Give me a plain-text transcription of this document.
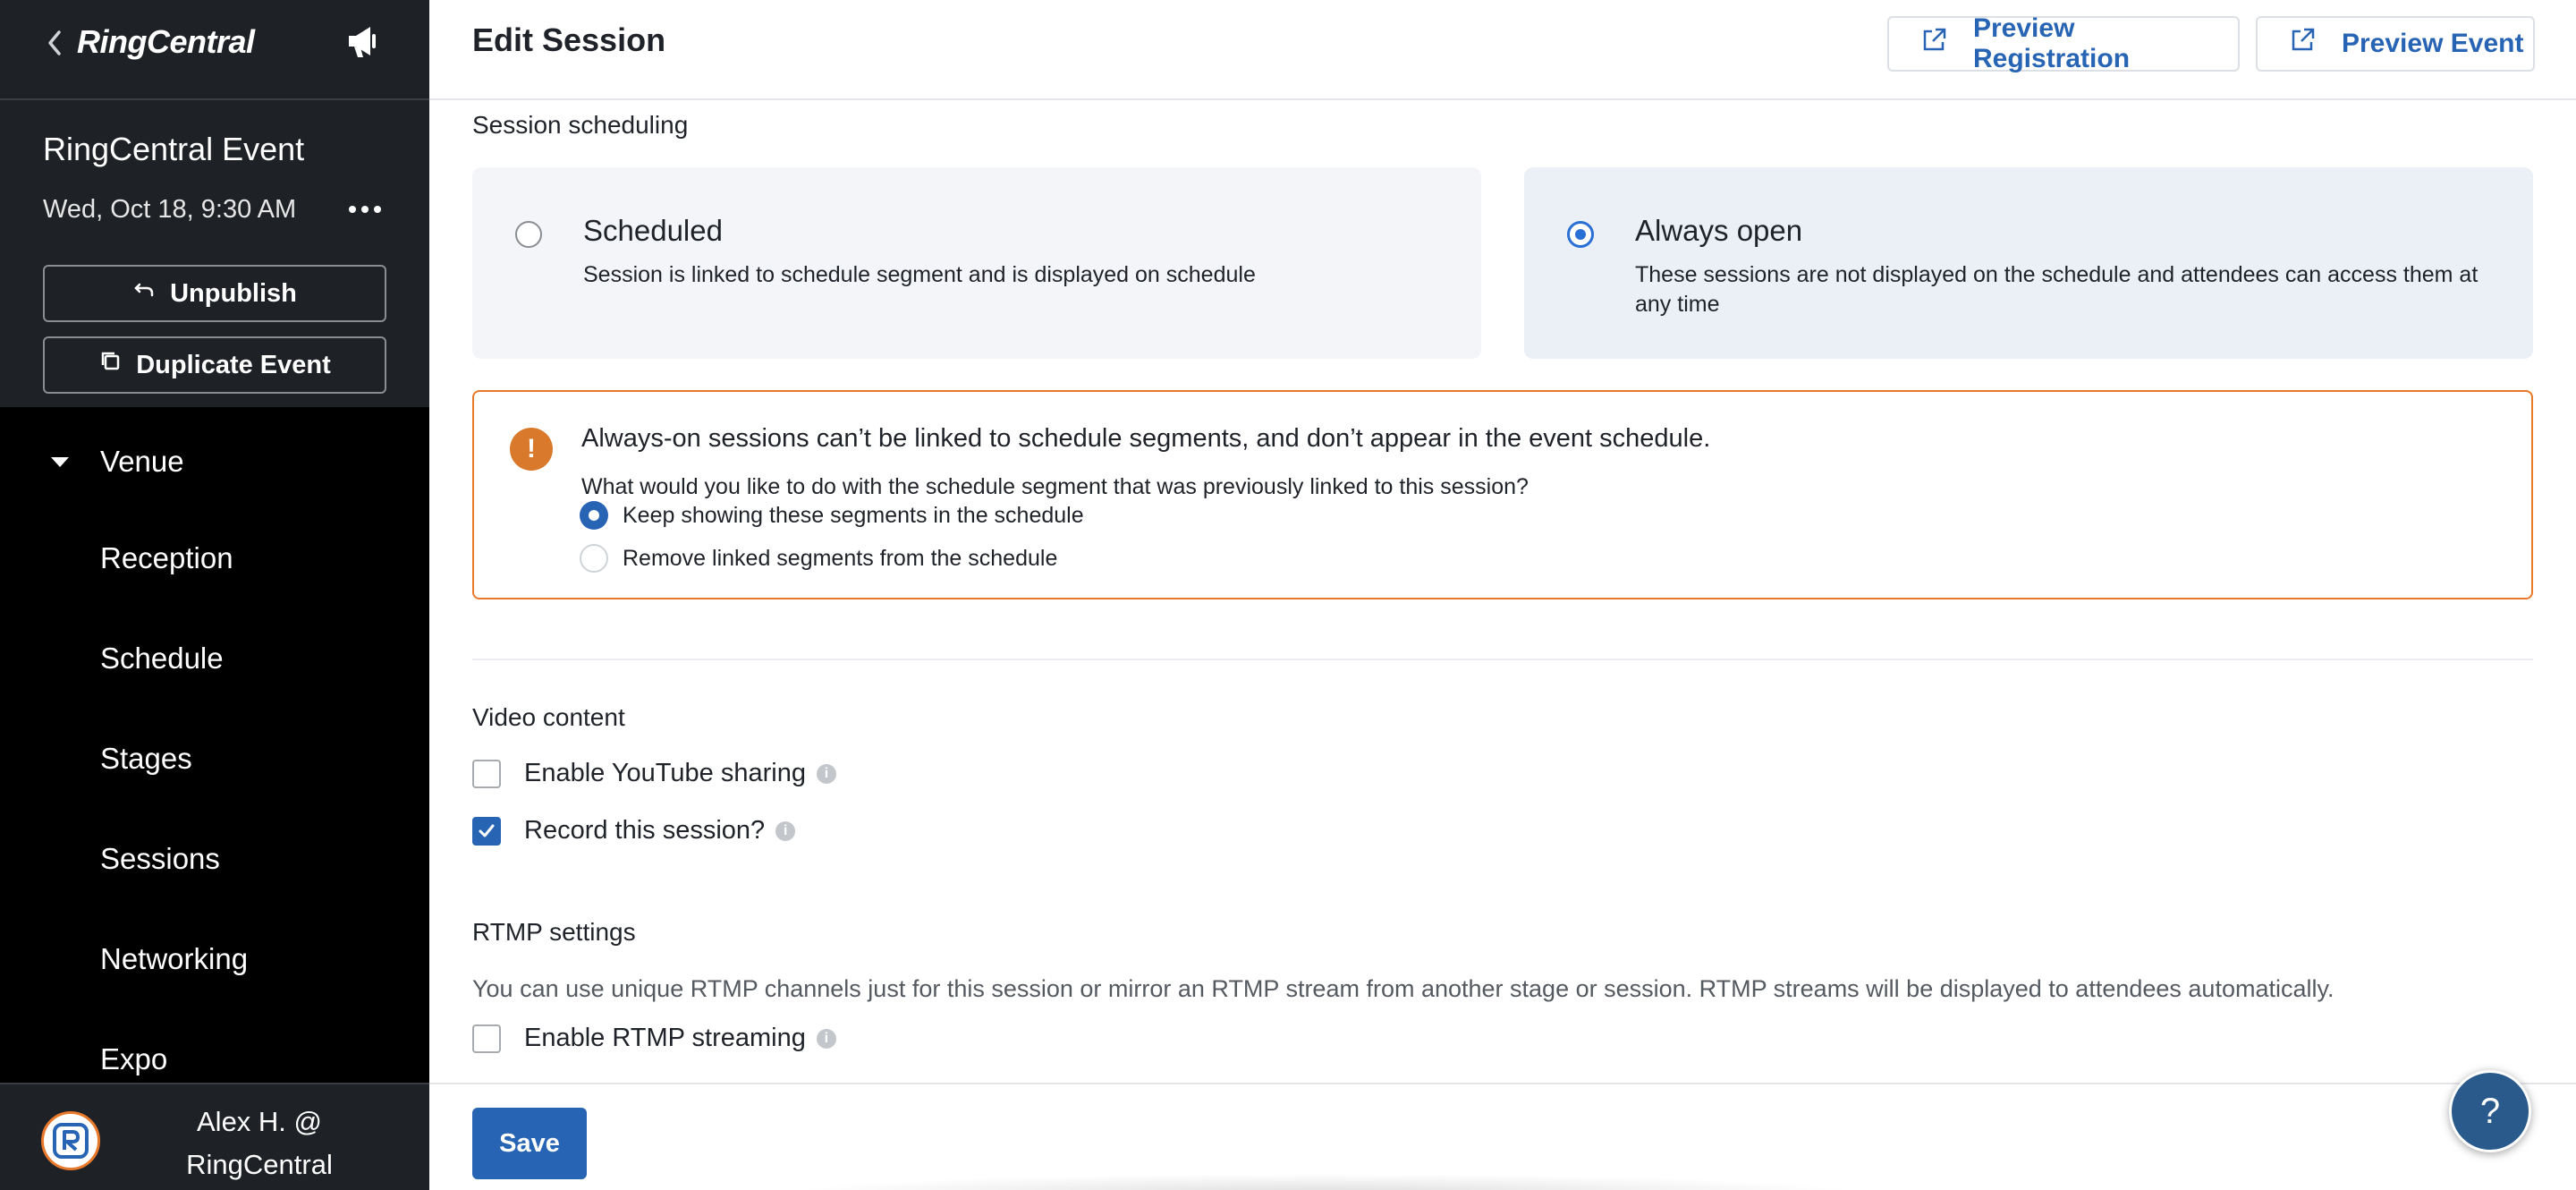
RingCentral
RingCentral Event
Wed, Oct 18, 9:30 AM
Unpublish
Duplicate Event
Venue
Reception
Schedule
Stages
Sessions
Networking
Expo
Alex H. @
RingCentral
Edit Session	Preview Registration
Preview Event
Session scheduling
Scheduled
Session is linked to schedule segment and is displayed on schedule
Always open
These sessions are not displayed on the schedule and attendees can access them at any time
!	Always-on sessions can’t be linked to schedule segments, and don’t appear in the event schedule.
What would you like to do with the schedule segment that was previously linked to this session?
Keep showing these segments in the schedule
Remove linked segments from the schedule
Video content
Enable YouTube sharing	i
Record this session?	i
RTMP settings
You can use unique RTMP channels just for this session or mirror an RTMP stream from another stage or session. RTMP streams will be displayed to attendees automatically.
Enable RTMP streaming	i
Save
?
